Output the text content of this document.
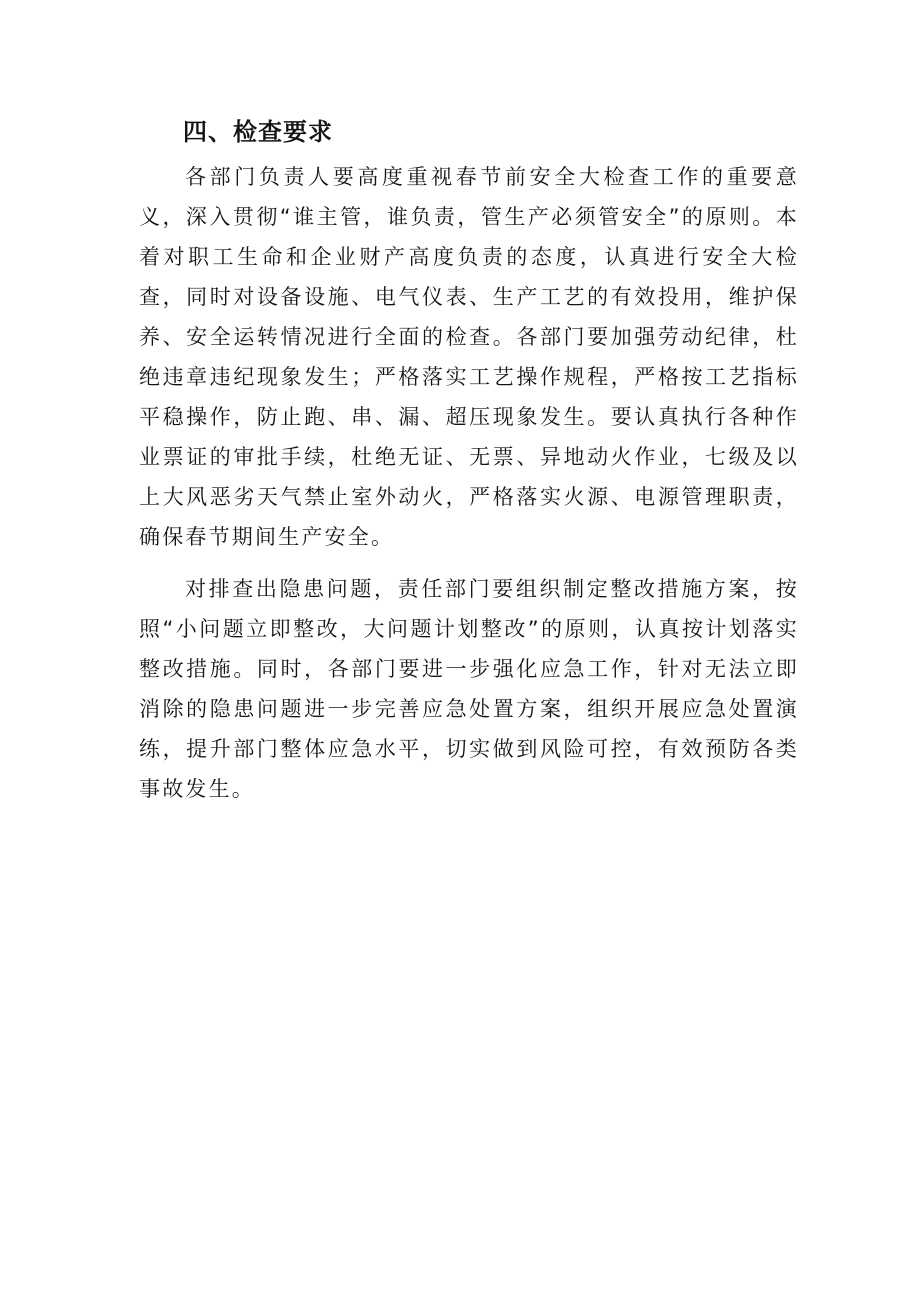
四、检查要求

各部门负责人要高度重视春节前安全大检查工作的重要意义，深入贯彻“谁主管，谁负责，管生产必须管安全”的原则。本着对职工生命和企业财产高度负责的态度，认真进行安全大检查，同时对设备设施、电气仪表、生产工艺的有效投用，维护保养、安全运转情况进行全面的检查。各部门要加强劳动纪律，杜绝违章违纪现象发生；严格落实工艺操作规程，严格按工艺指标平稳操作，防止跑、串、漏、超压现象发生。要认真执行各种作业票证的审批手续，杜绝无证、无票、异地动火作业，七级及以上大风恶劣天气禁止室外动火，严格落实火源、电源管理职责，确保春节期间生产安全。

对排查出隐患问题，责任部门要组织制定整改措施方案，按照“小问题立即整改，大问题计划整改”的原则，认真按计划落实整改措施。同时，各部门要进一步强化应急工作，针对无法立即消除的隐患问题进一步完善应急处置方案，组织开展应急处置演练，提升部门整体应急水平，切实做到风险可控，有效预防各类事故发生。
